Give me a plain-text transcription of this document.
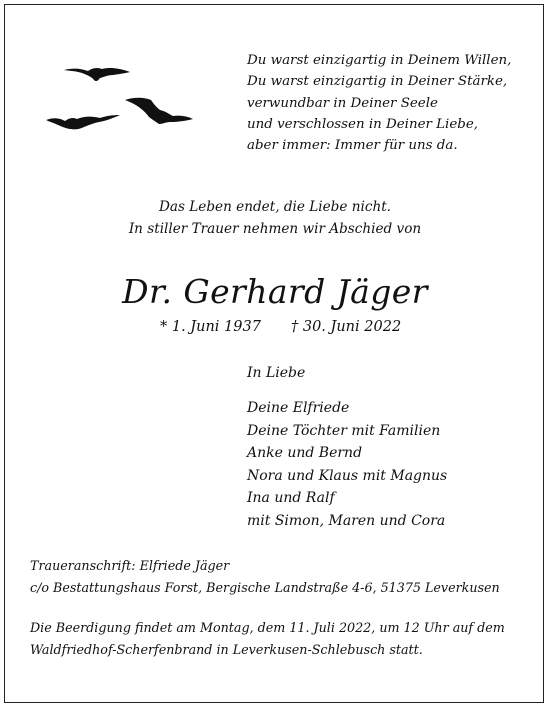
Du warst einzigartig in Deinem Willen,
Du warst einzigartig in Deiner Stärke,
verwundbar in Deiner Seele
und verschlossen in Deiner Liebe,
aber immer: Immer für uns da.
Das Leben endet, die Liebe nicht.
In stiller Trauer nehmen wir Abschied von
Dr. Gerhard Jäger
* 1. Juni 1937 † 30. Juni 2022
In Liebe
Deine Elfriede
Deine Töchter mit Familien
Anke und Bernd
Nora und Klaus mit Magnus
Ina und Ralf
mit Simon, Maren und Cora
Traueranschrift: Elfriede Jäger
c/o Bestattungshaus Forst, Bergische Landstraße 4-6, 51375 Leverkusen
Die Beerdigung findet am Montag, dem 11. Juli 2022, um 12 Uhr auf dem
Waldfriedhof-Scherfenbrand in Leverkusen-Schlebusch statt.
